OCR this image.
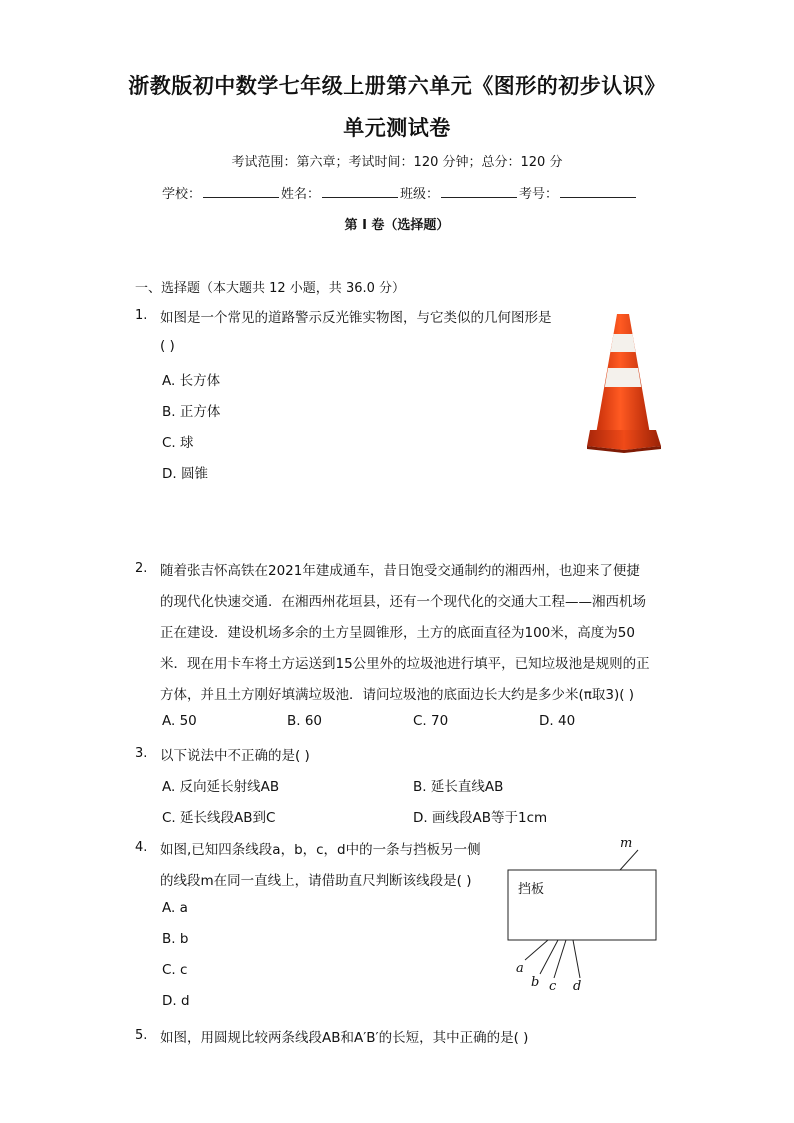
浙教版初中数学七年级上册第六单元《图形的初步认识》
单元测试卷
考试范围：第六章；考试时间：120 分钟；总分：120 分
学校：	姓名：	班级：	考号：
第 I 卷（选择题）
一、选择题（本大题共 12 小题，共 36.0 分）
1. 如图是一个常见的道路警示反光锥实物图，与它类似的几何图形是
( )
A. 长方体
B. 正方体
C. 球
D. 圆锥
2. 随着张吉怀高铁在2021年建成通车，昔日饱受交通制约的湘西州，也迎来了便捷
的现代化快速交通．在湘西州花垣县，还有一个现代化的交通大工程——湘西机场
正在建设．建设机场多余的土方呈圆锥形，土方的底面直径为100米，高度为50
米．现在用卡车将土方运送到15公里外的垃圾池进行填平，已知垃圾池是规则的正
方体，并且土方刚好填满垃圾池．请问垃圾池的底面边长大约是多少米(π取3)( )
A. 50	B. 60	C. 70	D. 40
3. 以下说法中不正确的是( )
A. 反向延长射线AB	B. 延长直线AB
C. 延长线段AB到C	D. 画线段AB等于1cm
4. 如图,已知四条线段a，b，c，d中的一条与挡板另一侧
的线段m在同一直线上，请借助直尺判断该线段是( )
A. a
B. b
C. c
D. d
挡板
m
a
b c d
5. 如图，用圆规比较两条线段AB和A′B′的长短，其中正确的是( )
